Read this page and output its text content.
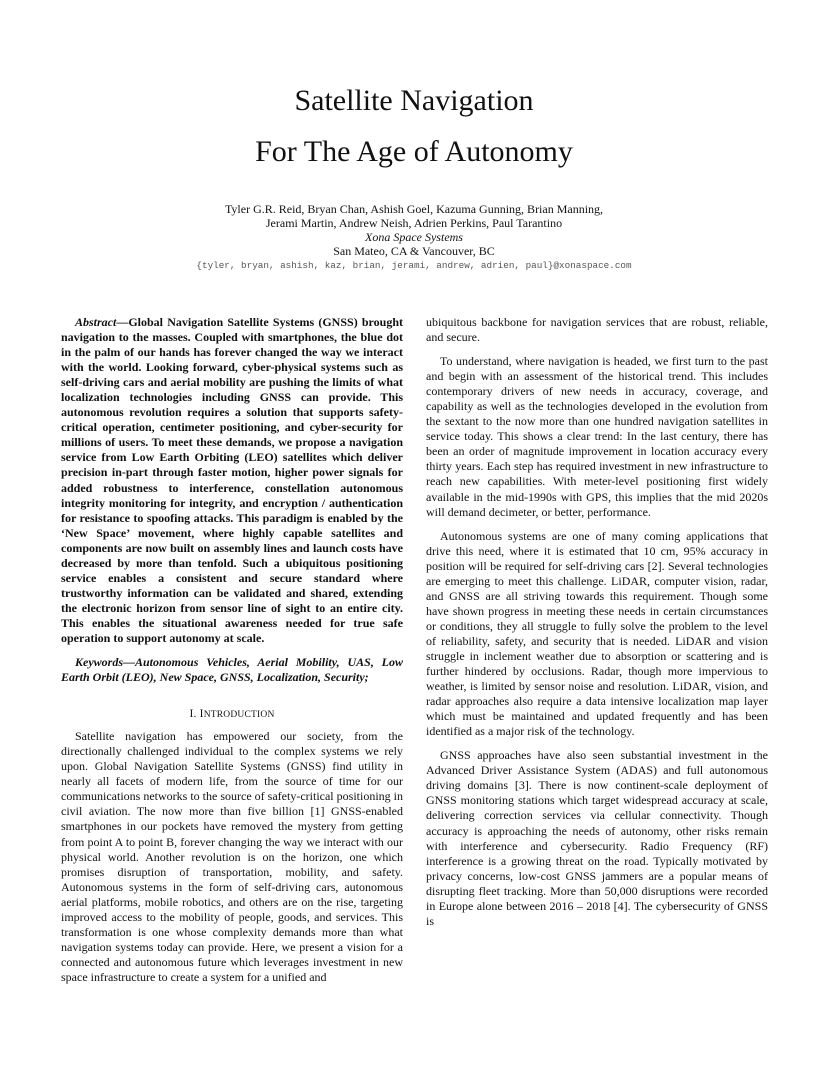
Satellite Navigation
For The Age of Autonomy
Tyler G.R. Reid, Bryan Chan, Ashish Goel, Kazuma Gunning, Brian Manning,
Jerami Martin, Andrew Neish, Adrien Perkins, Paul Tarantino
Xona Space Systems
San Mateo, CA & Vancouver, BC
{tyler, bryan, ashish, kaz, brian, jerami, andrew, adrien, paul}@xonaspace.com

Abstract—Global Navigation Satellite Systems (GNSS) brought navigation to the masses. Coupled with smartphones, the blue dot in the palm of our hands has forever changed the way we interact with the world. Looking forward, cyber-physical systems such as self-driving cars and aerial mobility are pushing the limits of what localization technologies including GNSS can provide. This autonomous revolution requires a solution that supports safety-critical operation, centimeter positioning, and cyber-security for millions of users. To meet these demands, we propose a navigation service from Low Earth Orbiting (LEO) satellites which deliver precision in-part through faster motion, higher power signals for added robustness to interference, constellation autonomous integrity monitoring for integrity, and encryption / authentication for resistance to spoofing attacks. This paradigm is enabled by the ‘New Space’ movement, where highly capable satellites and components are now built on assembly lines and launch costs have decreased by more than tenfold. Such a ubiquitous positioning service enables a consistent and secure standard where trustworthy information can be validated and shared, extending the electronic horizon from sensor line of sight to an entire city. This enables the situational awareness needed for true safe operation to support autonomy at scale.

Keywords—Autonomous Vehicles, Aerial Mobility, UAS, Low Earth Orbit (LEO), New Space, GNSS, Localization, Security;

I. INTRODUCTION

Satellite navigation has empowered our society, from the directionally challenged individual to the complex systems we rely upon. Global Navigation Satellite Systems (GNSS) find utility in nearly all facets of modern life, from the source of time for our communications networks to the source of safety-critical positioning in civil aviation. The now more than five billion [1] GNSS-enabled smartphones in our pockets have removed the mystery from getting from point A to point B, forever changing the way we interact with our physical world. Another revolution is on the horizon, one which promises disruption of transportation, mobility, and safety. Autonomous systems in the form of self-driving cars, autonomous aerial platforms, mobile robotics, and others are on the rise, targeting improved access to the mobility of people, goods, and services. This transformation is one whose complexity demands more than what navigation systems today can provide. Here, we present a vision for a connected and autonomous future which leverages investment in new space infrastructure to create a system for a unified and

ubiquitous backbone for navigation services that are robust, reliable, and secure.

To understand, where navigation is headed, we first turn to the past and begin with an assessment of the historical trend. This includes contemporary drivers of new needs in accuracy, coverage, and capability as well as the technologies developed in the evolution from the sextant to the now more than one hundred navigation satellites in service today. This shows a clear trend: In the last century, there has been an order of magnitude improvement in location accuracy every thirty years. Each step has required investment in new infrastructure to reach new capabilities. With meter-level positioning first widely available in the mid-1990s with GPS, this implies that the mid 2020s will demand decimeter, or better, performance.

Autonomous systems are one of many coming applications that drive this need, where it is estimated that 10 cm, 95% accuracy in position will be required for self-driving cars [2]. Several technologies are emerging to meet this challenge. LiDAR, computer vision, radar, and GNSS are all striving towards this requirement. Though some have shown progress in meeting these needs in certain circumstances or conditions, they all struggle to fully solve the problem to the level of reliability, safety, and security that is needed. LiDAR and vision struggle in inclement weather due to absorption or scattering and is further hindered by occlusions. Radar, though more impervious to weather, is limited by sensor noise and resolution. LiDAR, vision, and radar approaches also require a data intensive localization map layer which must be maintained and updated frequently and has been identified as a major risk of the technology.

GNSS approaches have also seen substantial investment in the Advanced Driver Assistance System (ADAS) and full autonomous driving domains [3]. There is now continent-scale deployment of GNSS monitoring stations which target widespread accuracy at scale, delivering correction services via cellular connectivity. Though accuracy is approaching the needs of autonomy, other risks remain with interference and cybersecurity. Radio Frequency (RF) interference is a growing threat on the road. Typically motivated by privacy concerns, low-cost GNSS jammers are a popular means of disrupting fleet tracking. More than 50,000 disruptions were recorded in Europe alone between 2016 – 2018 [4]. The cybersecurity of GNSS is
